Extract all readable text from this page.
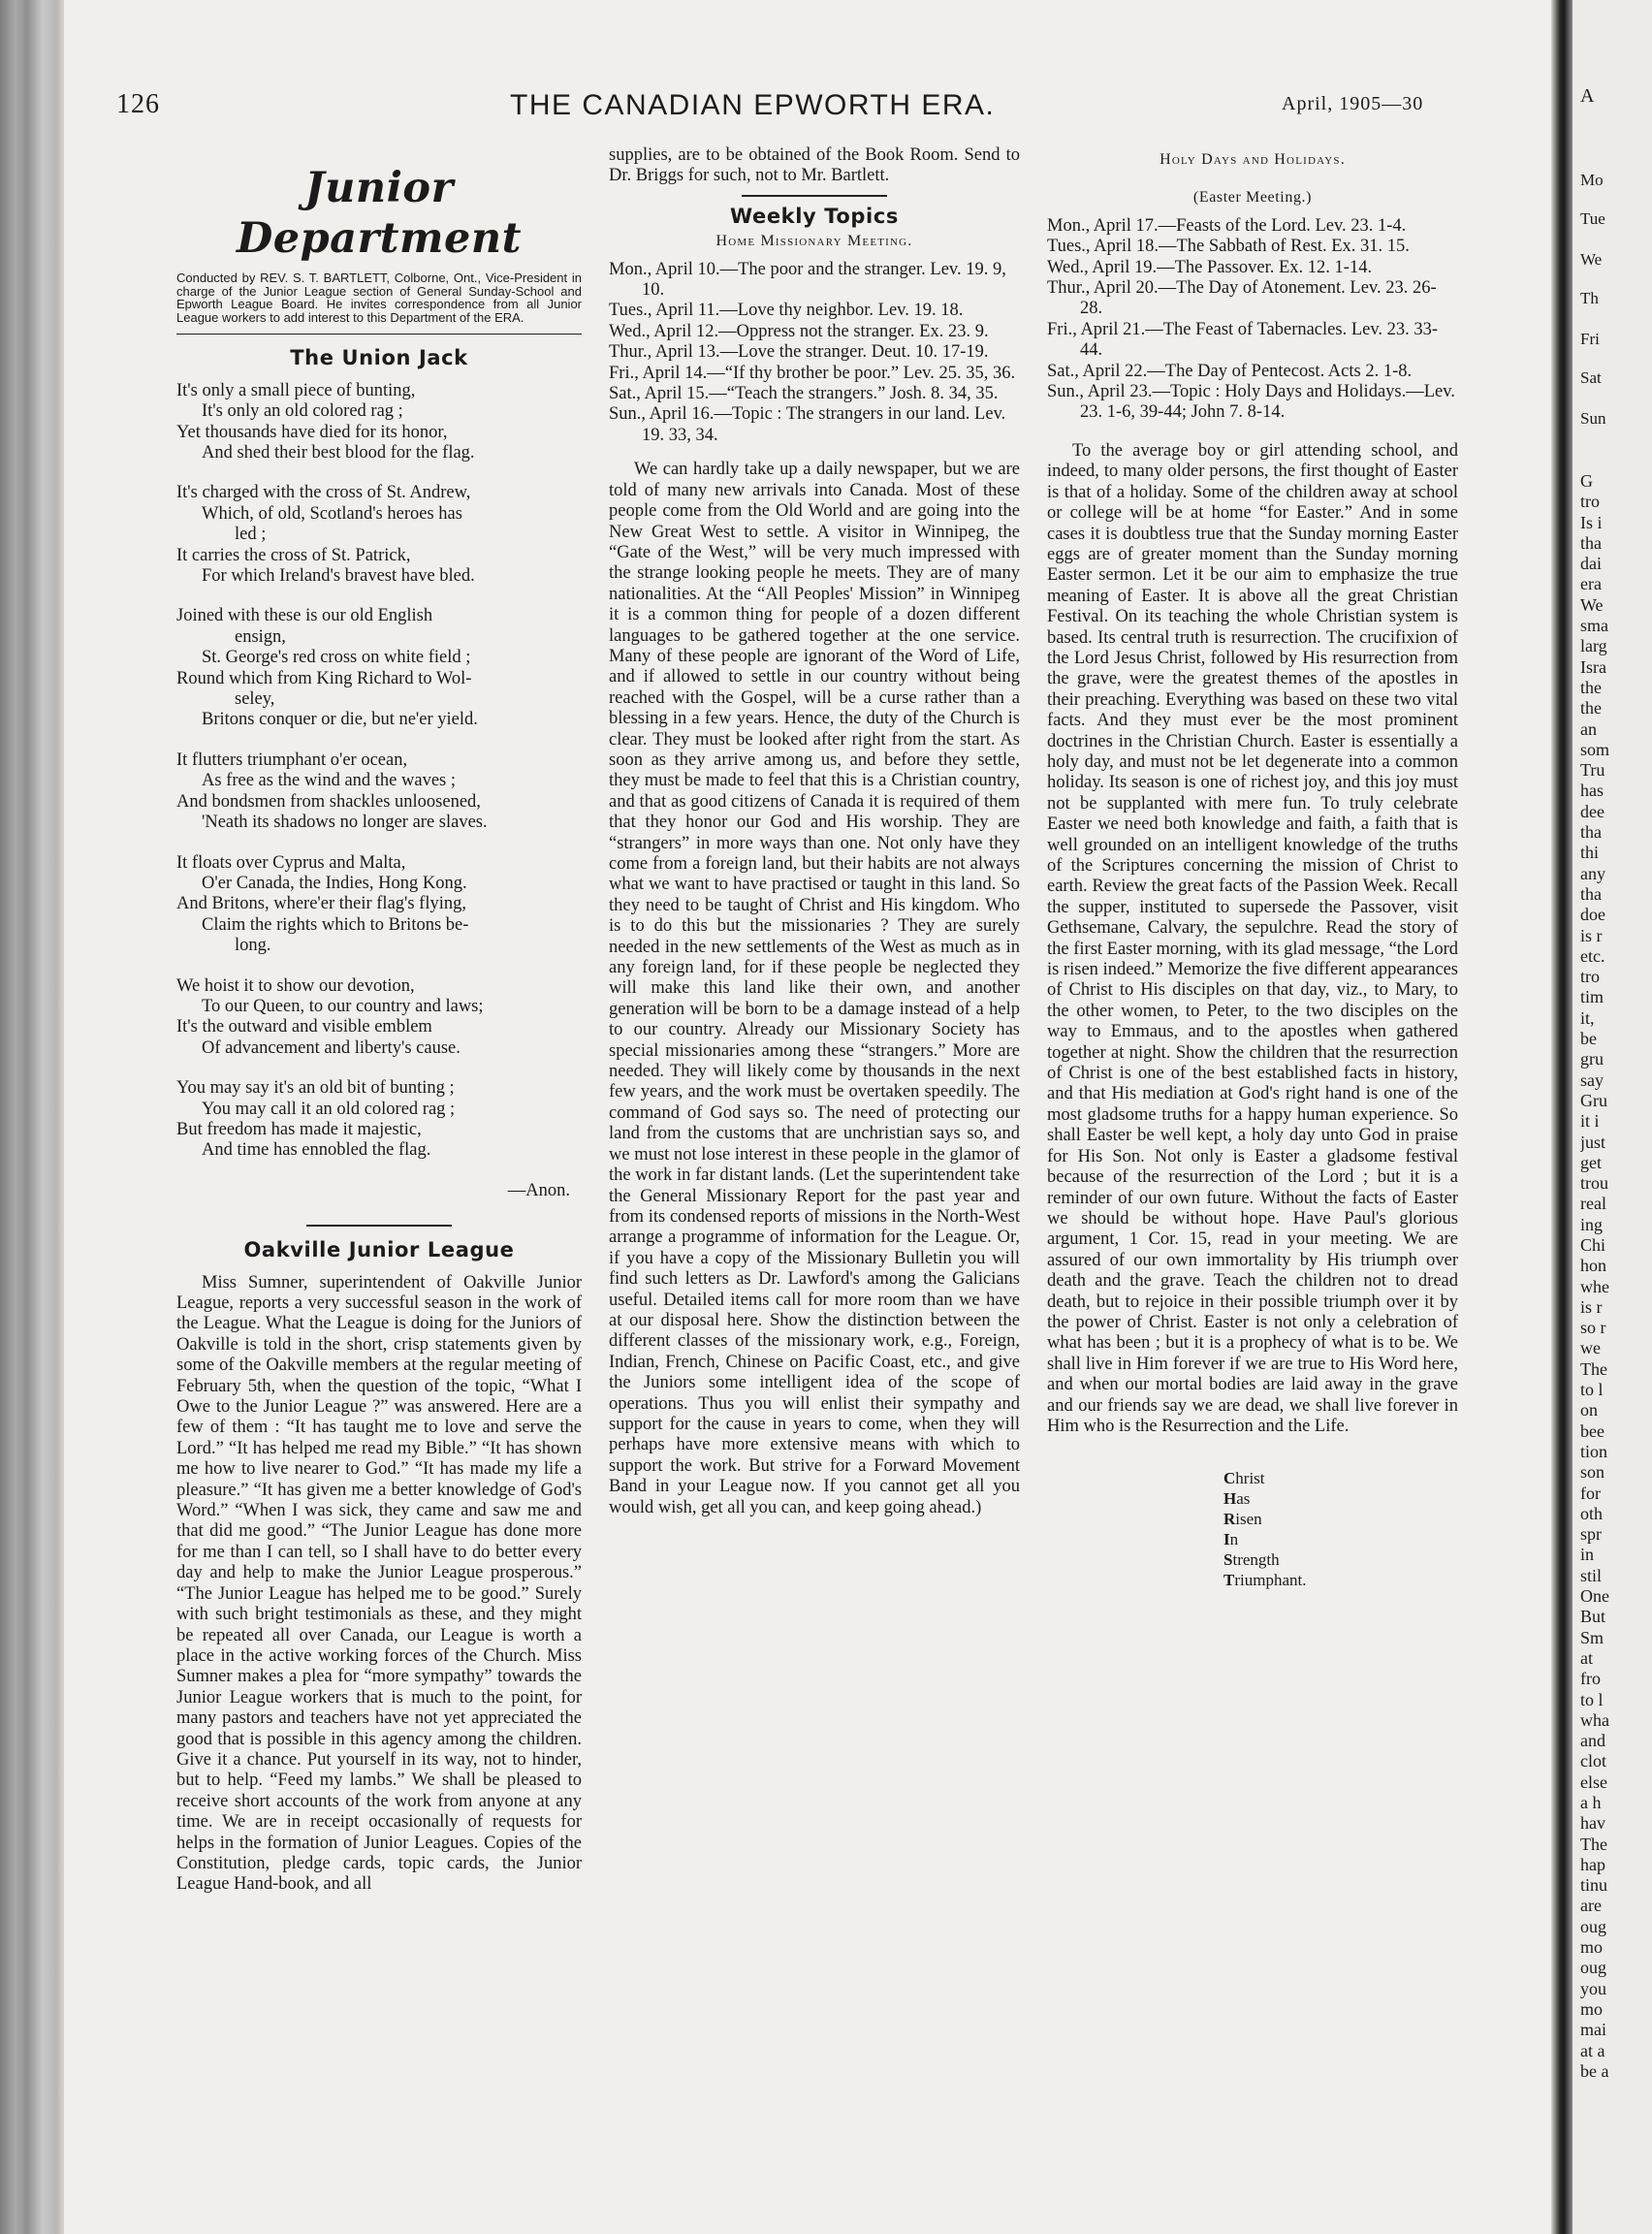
126	THE CANADIAN EPWORTH ERA.	April, 1905—30
Junior Department
Conducted by REV. S. T. BARTLETT, Colborne, Ont., Vice-President in charge of the Junior League section of General Sunday-School and Epworth League Board. He invites correspondence from all Junior League workers to add interest to this Department of the ERA.
The Union Jack

It's only a small piece of bunting,

It's only an old colored rag ;

Yet thousands have died for its honor,

And shed their best blood for the flag.

It's charged with the cross of St. Andrew,

Which, of old, Scotland's heroes has

led ;

It carries the cross of St. Patrick,

For which Ireland's bravest have bled.

Joined with these is our old English

ensign,

St. George's red cross on white field ;

Round which from King Richard to Wol-

seley,

Britons conquer or die, but ne'er yield.

It flutters triumphant o'er ocean,

As free as the wind and the waves ;

And bondsmen from shackles unloosened,

'Neath its shadows no longer are slaves.

It floats over Cyprus and Malta,

O'er Canada, the Indies, Hong Kong.

And Britons, where'er their flag's flying,

Claim the rights which to Britons be-

long.

We hoist it to show our devotion,

To our Queen, to our country and laws;

It's the outward and visible emblem

Of advancement and liberty's cause.

You may say it's an old bit of bunting ;

You may call it an old colored rag ;

But freedom has made it majestic,

And time has ennobled the flag.

—Anon.
Oakville Junior League

Miss Sumner, superintendent of Oakville Junior League, reports a very successful season in the work of the League. What the League is doing for the Juniors of Oakville is told in the short, crisp statements given by some of the Oakville members at the regular meeting of February 5th, when the question of the topic, “What I Owe to the Junior League ?” was answered. Here are a few of them : “It has taught me to love and serve the Lord.” “It has helped me read my Bible.” “It has shown me how to live nearer to God.” “It has made my life a pleasure.” “It has given me a better knowledge of God's Word.” “When I was sick, they came and saw me and that did me good.” “The Junior League has done more for me than I can tell, so I shall have to do better every day and help to make the Junior League prosperous.” “The Junior League has helped me to be good.” Surely with such bright testimonials as these, and they might be repeated all over Canada, our League is worth a place in the active working forces of the Church. Miss Sumner makes a plea for “more sympathy” towards the Junior League workers that is much to the point, for many pastors and teachers have not yet appreciated the good that is possible in this agency among the children. Give it a chance. Put yourself in its way, not to hinder, but to help. “Feed my lambs.” We shall be pleased to receive short accounts of the work from anyone at any time. We are in receipt occasionally of requests for helps in the formation of Junior Leagues. Copies of the Constitution, pledge cards, topic cards, the Junior League Hand-book, and all

supplies, are to be obtained of the Book Room. Send to Dr. Briggs for such, not to Mr. Bartlett.

Weekly Topics
Home Missionary Meeting.

Mon., April 10.—The poor and the stranger. Lev. 19. 9, 10.

Tues., April 11.—Love thy neighbor. Lev. 19. 18.

Wed., April 12.—Oppress not the stranger. Ex. 23. 9.

Thur., April 13.—Love the stranger. Deut. 10. 17-19.

Fri., April 14.—“If thy brother be poor.” Lev. 25. 35, 36.

Sat., April 15.—“Teach the strangers.” Josh. 8. 34, 35.

Sun., April 16.—Topic : The strangers in our land. Lev. 19. 33, 34.

We can hardly take up a daily newspaper, but we are told of many new arrivals into Canada. Most of these people come from the Old World and are going into the New Great West to settle. A visitor in Winnipeg, the “Gate of the West,” will be very much impressed with the strange looking people he meets. They are of many nationalities. At the “All Peoples' Mission” in Winnipeg it is a common thing for people of a dozen different languages to be gathered together at the one service. Many of these people are ignorant of the Word of Life, and if allowed to settle in our country without being reached with the Gospel, will be a curse rather than a blessing in a few years. Hence, the duty of the Church is clear. They must be looked after right from the start. As soon as they arrive among us, and before they settle, they must be made to feel that this is a Christian country, and that as good citizens of Canada it is required of them that they honor our God and His worship. They are “strangers” in more ways than one. Not only have they come from a foreign land, but their habits are not always what we want to have practised or taught in this land. So they need to be taught of Christ and His kingdom. Who is to do this but the missionaries ? They are surely needed in the new settlements of the West as much as in any foreign land, for if these people be neglected they will make this land like their own, and another generation will be born to be a damage instead of a help to our country. Already our Missionary Society has special missionaries among these “strangers.” More are needed. They will likely come by thousands in the next few years, and the work must be overtaken speedily. The command of God says so. The need of protecting our land from the customs that are unchristian says so, and we must not lose interest in these people in the glamor of the work in far distant lands. (Let the superintendent take the General Missionary Report for the past year and from its condensed reports of missions in the North-West arrange a programme of information for the League. Or, if you have a copy of the Missionary Bulletin you will find such letters as Dr. Lawford's among the Galicians useful. Detailed items call for more room than we have at our disposal here. Show the distinction between the different classes of the missionary work, e.g., Foreign, Indian, French, Chinese on Pacific Coast, etc., and give the Juniors some intelligent idea of the scope of operations. Thus you will enlist their sympathy and support for the cause in years to come, when they will perhaps have more extensive means with which to support the work. But strive for a Forward Movement Band in your League now. If you cannot get all you would wish, get all you can, and keep going ahead.)

Holy Days and Holidays.
(Easter Meeting.)

Mon., April 17.—Feasts of the Lord. Lev. 23. 1-4.

Tues., April 18.—The Sabbath of Rest. Ex. 31. 15.

Wed., April 19.—The Passover. Ex. 12. 1-14.

Thur., April 20.—The Day of Atonement. Lev. 23. 26-28.

Fri., April 21.—The Feast of Tabernacles. Lev. 23. 33-44.

Sat., April 22.—The Day of Pentecost. Acts 2. 1-8.

Sun., April 23.—Topic : Holy Days and Holidays.—Lev. 23. 1-6, 39-44; John 7. 8-14.

To the average boy or girl attending school, and indeed, to many older persons, the first thought of Easter is that of a holiday. Some of the children away at school or college will be at home “for Easter.” And in some cases it is doubtless true that the Sunday morning Easter eggs are of greater moment than the Sunday morning Easter sermon. Let it be our aim to emphasize the true meaning of Easter. It is above all the great Christian Festival. On its teaching the whole Christian system is based. Its central truth is resurrection. The crucifixion of the Lord Jesus Christ, followed by His resurrection from the grave, were the greatest themes of the apostles in their preaching. Everything was based on these two vital facts. And they must ever be the most prominent doctrines in the Christian Church. Easter is essentially a holy day, and must not be let degenerate into a common holiday. Its season is one of richest joy, and this joy must not be supplanted with mere fun. To truly celebrate Easter we need both knowledge and faith, a faith that is well grounded on an intelligent knowledge of the truths of the Scriptures concerning the mission of Christ to earth. Review the great facts of the Passion Week. Recall the supper, instituted to supersede the Passover, visit Gethsemane, Calvary, the sepulchre. Read the story of the first Easter morning, with its glad message, “the Lord is risen indeed.” Memorize the five different appearances of Christ to His disciples on that day, viz., to Mary, to the other women, to Peter, to the two disciples on the way to Emmaus, and to the apostles when gathered together at night. Show the children that the resurrection of Christ is one of the best established facts in history, and that His mediation at God's right hand is one of the most gladsome truths for a happy human experience. So shall Easter be well kept, a holy day unto God in praise for His Son. Not only is Easter a gladsome festival because of the resurrection of the Lord ; but it is a reminder of our own future. Without the facts of Easter we should be without hope. Have Paul's glorious argument, 1 Cor. 15, read in your meeting. We are assured of our own immortality by His triumph over death and the grave. Teach the children not to dread death, but to rejoice in their possible triumph over it by the power of Christ. Easter is not only a celebration of what has been ; but it is a prophecy of what is to be. We shall live in Him forever if we are true to His Word here, and when our mortal bodies are laid away in the grave and our friends say we are dead, we shall live forever in Him who is the Resurrection and the Life.

Christ
Has
Risen
In
Strength
Triumphant.
A
Mo
Tue
We
Th
Fri
Sat
Sun
G
tro
Is i
tha
dai
era
We
sma
larg
Isra
the
the
an
som
Tru
has
dee
tha
thi
any
tha
doe
is r
etc.
tro
tim
it,
be
gru
say
Gru
it i
just
get
trou
real
ing
Chi
hon
whe
is r
so r
we
The
to l
on
bee
tion
son
for
oth
spr
in
stil
One
But
Sm
at
fro
to l
wha
and
clot
else
a h
hav
The
hap
tinu
are
oug
mo
oug
you
mo
mai
at a
be a
